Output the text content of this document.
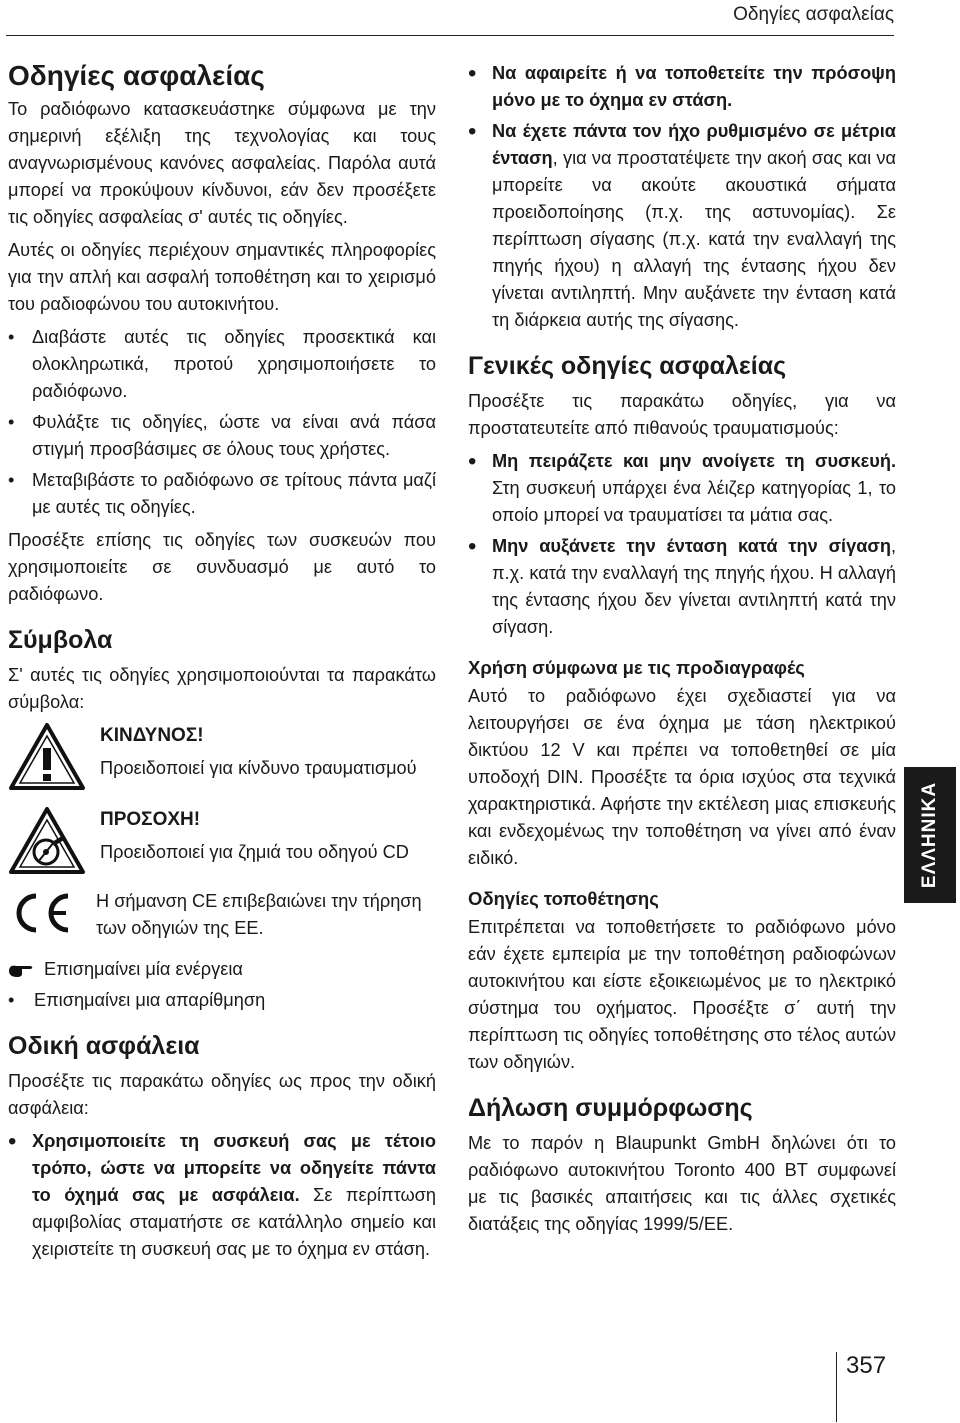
Οδηγίες ασφαλείας
Οδηγίες ασφαλείας

Το ραδιόφωνο κατασκευάστηκε σύμφωνα με την σημερινή εξέλιξη της τεχνολογίας και τους αναγνωρισμένους κανόνες ασφαλείας. Παρόλα αυτά μπορεί να προκύψουν κίνδυνοι, εάν δεν προσέξετε τις οδηγίες ασφαλείας σ' αυτές τις οδηγίες.

Αυτές οι οδηγίες περιέχουν σημαντικές πληροφορίες για την απλή και ασφαλή τοποθέτηση και το χειρισμό του ραδιοφώνου του αυτοκινήτου.

• Διαβάστε αυτές τις οδηγίες προσεκτικά και ολοκληρωτικά, προτού χρησιμοποιήσετε το ραδιόφωνο.
• Φυλάξτε τις οδηγίες, ώστε να είναι ανά πάσα στιγμή προσβάσιμες σε όλους τους χρήστες.
• Μεταβιβάστε το ραδιόφωνο σε τρίτους πάντα μαζί με αυτές τις οδηγίες.

Προσέξτε επίσης τις οδηγίες των συσκευών που χρησιμοποιείτε σε συνδυασμό με αυτό το ραδιόφωνο.

Σύμβολα

Σ' αυτές τις οδηγίες χρησιμοποιούνται τα παρακάτω σύμβολα:

ΚΙΝΔΥΝΟΣ!
Προειδοποιεί για κίνδυνο τραυματισμού
ΠΡΟΣΟΧΗ!
Προειδοποιεί για ζημιά του οδηγού CD
Η σήμανση CE επιβεβαιώνει την τήρηση των οδηγιών της ΕΕ.
Επισημαίνει μία ενέργεια
•	Επισημαίνει μια απαρίθμηση
Οδική ασφάλεια

Προσέξτε τις παρακάτω οδηγίες ως προς την οδική ασφάλεια:

• Χρησιμοποιείτε τη συσκευή σας με τέτοιο τρόπο, ώστε να μπορείτε να οδηγείτε πάντα το όχημά σας με ασφάλεια. Σε περίπτωση αμφιβολίας σταματήστε σε κατάλληλο σημείο και χειριστείτε τη συσκευή σας με το όχημα εν στάση.
• Να αφαιρείτε ή να τοποθετείτε την πρόσοψη μόνο με το όχημα εν στάση.
• Να έχετε πάντα τον ήχο ρυθμισμένο σε μέτρια ένταση, για να προστατέψετε την ακοή σας και να μπορείτε να ακούτε ακουστικά σήματα προειδοποίησης (π.χ. της αστυνομίας). Σε περίπτωση σίγασης (π.χ. κατά την εναλλαγή της πηγής ήχου) η αλλαγή της έντασης ήχου δεν γίνεται αντιληπτή. Μην αυξάνετε την ένταση κατά τη διάρκεια αυτής της σίγασης.
Γενικές οδηγίες ασφαλείας

Προσέξτε τις παρακάτω οδηγίες, για να προστατευτείτε από πιθανούς τραυματισμούς:

• Μη πειράζετε και μην ανοίγετε τη συσκευή. Στη συσκευή υπάρχει ένα λέιζερ κατηγορίας 1, το οποίο μπορεί να τραυματίσει τα μάτια σας.
• Μην αυξάνετε την ένταση κατά την σίγαση, π.χ. κατά την εναλλαγή της πηγής ήχου. Η αλλαγή της έντασης ήχου δεν γίνεται αντιληπτή κατά την σίγαση.
Χρήση σύμφωνα με τις προδιαγραφές

Αυτό το ραδιόφωνο έχει σχεδιαστεί για να λειτουργήσει σε ένα όχημα με τάση ηλεκτρικού δικτύου 12 V και πρέπει να τοποθετηθεί σε μία υποδοχή DIN. Προσέξτε τα όρια ισχύος στα τεχνικά χαρακτηριστικά. Αφήστε την εκτέλεση μιας επισκευής και ενδεχομένως την τοποθέτηση να γίνει από έναν ειδικό.

Οδηγίες τοποθέτησης

Επιτρέπεται να τοποθετήσετε το ραδιόφωνο μόνο εάν έχετε εμπειρία με την τοποθέτηση ραδιοφώνων αυτοκινήτου και είστε εξοικειωμένος με το ηλεκτρικό σύστημα του οχήματος. Προσέξτε σ΄ αυτή την περίπτωση τις οδηγίες τοποθέτησης στο τέλος αυτών των οδηγιών.

Δήλωση συμμόρφωσης

Με το παρόν η Blaupunkt GmbH δηλώνει ότι το ραδιόφωνο αυτοκινήτου Toronto 400 BT συμφωνεί με τις βασικές απαιτήσεις και τις άλλες σχετικές διατάξεις της οδηγίας 1999/5/ΕΕ.

ΕΛΛΗΝΙΚΑ
357
